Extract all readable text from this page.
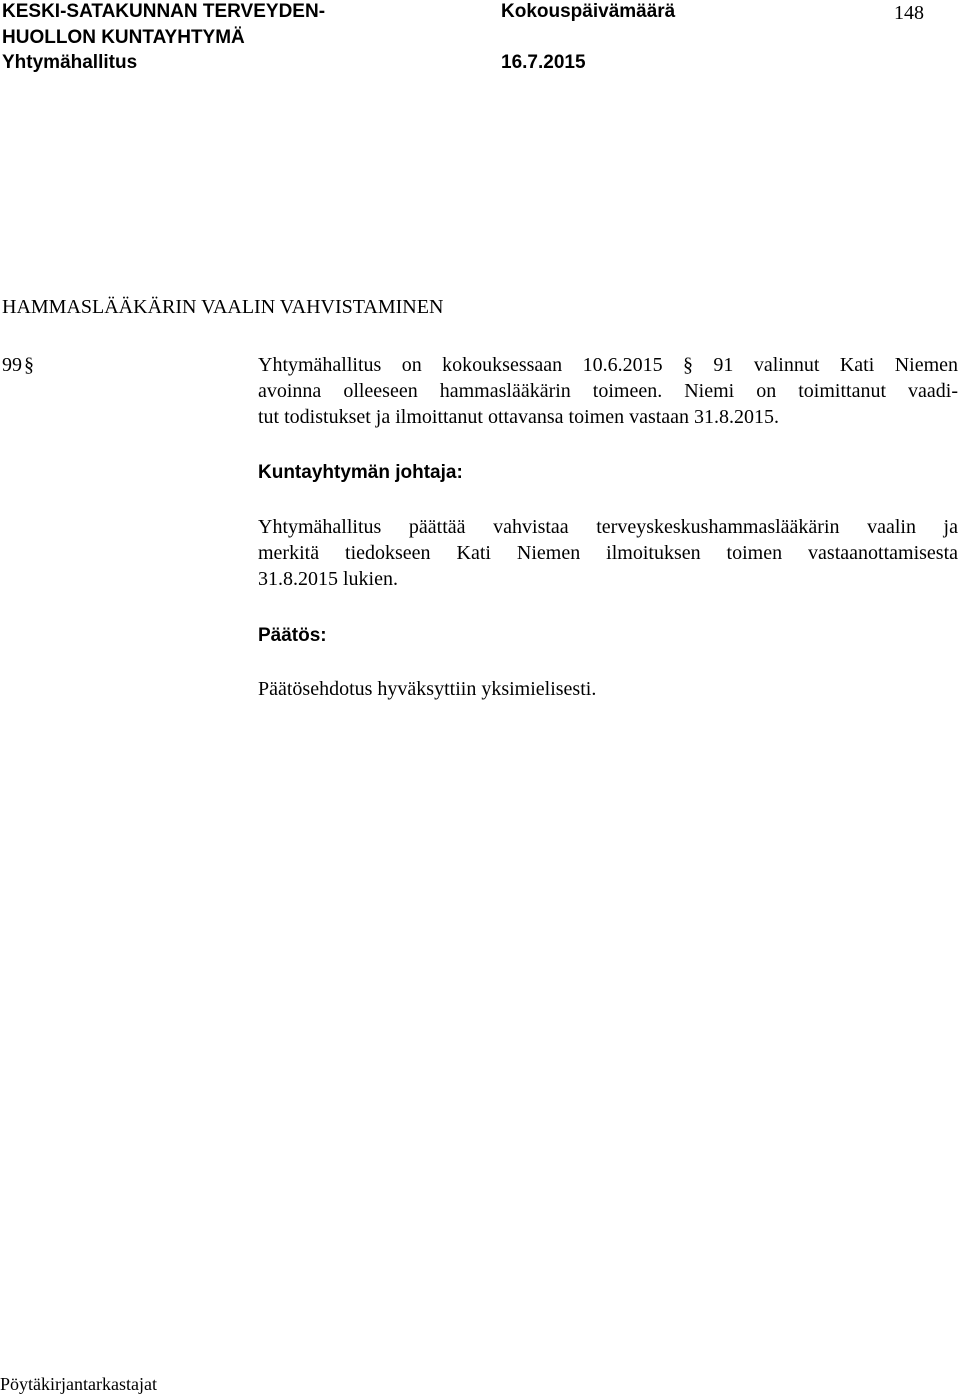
KESKI-SATAKUNNAN TERVEYDEN-
HUOLLON KUNTAYHTYMÄ
Yhtymähallitus
Kokouspäivämäärä
16.7.2015
148
HAMMASLÄÄKÄRIN VAALIN VAHVISTAMINEN
99 §	Yhtymähallitus on kokouksessaan 10.6.2015 § 91 valinnut Kati Niemen
avoinna olleeseen hammaslääkärin toimeen. Niemi on toimittanut vaadi-
tut todistukset ja ilmoittanut ottavansa toimen vastaan 31.8.2015.
Kuntayhtymän johtaja:
Yhtymähallitus päättää vahvistaa terveyskeskushammaslääkärin vaalin ja
merkitä tiedokseen Kati Niemen ilmoituksen toimen vastaanottamisesta
31.8.2015 lukien.
Päätös:
Päätösehdotus hyväksyttiin yksimielisesti.
Pöytäkirjantarkastajat
